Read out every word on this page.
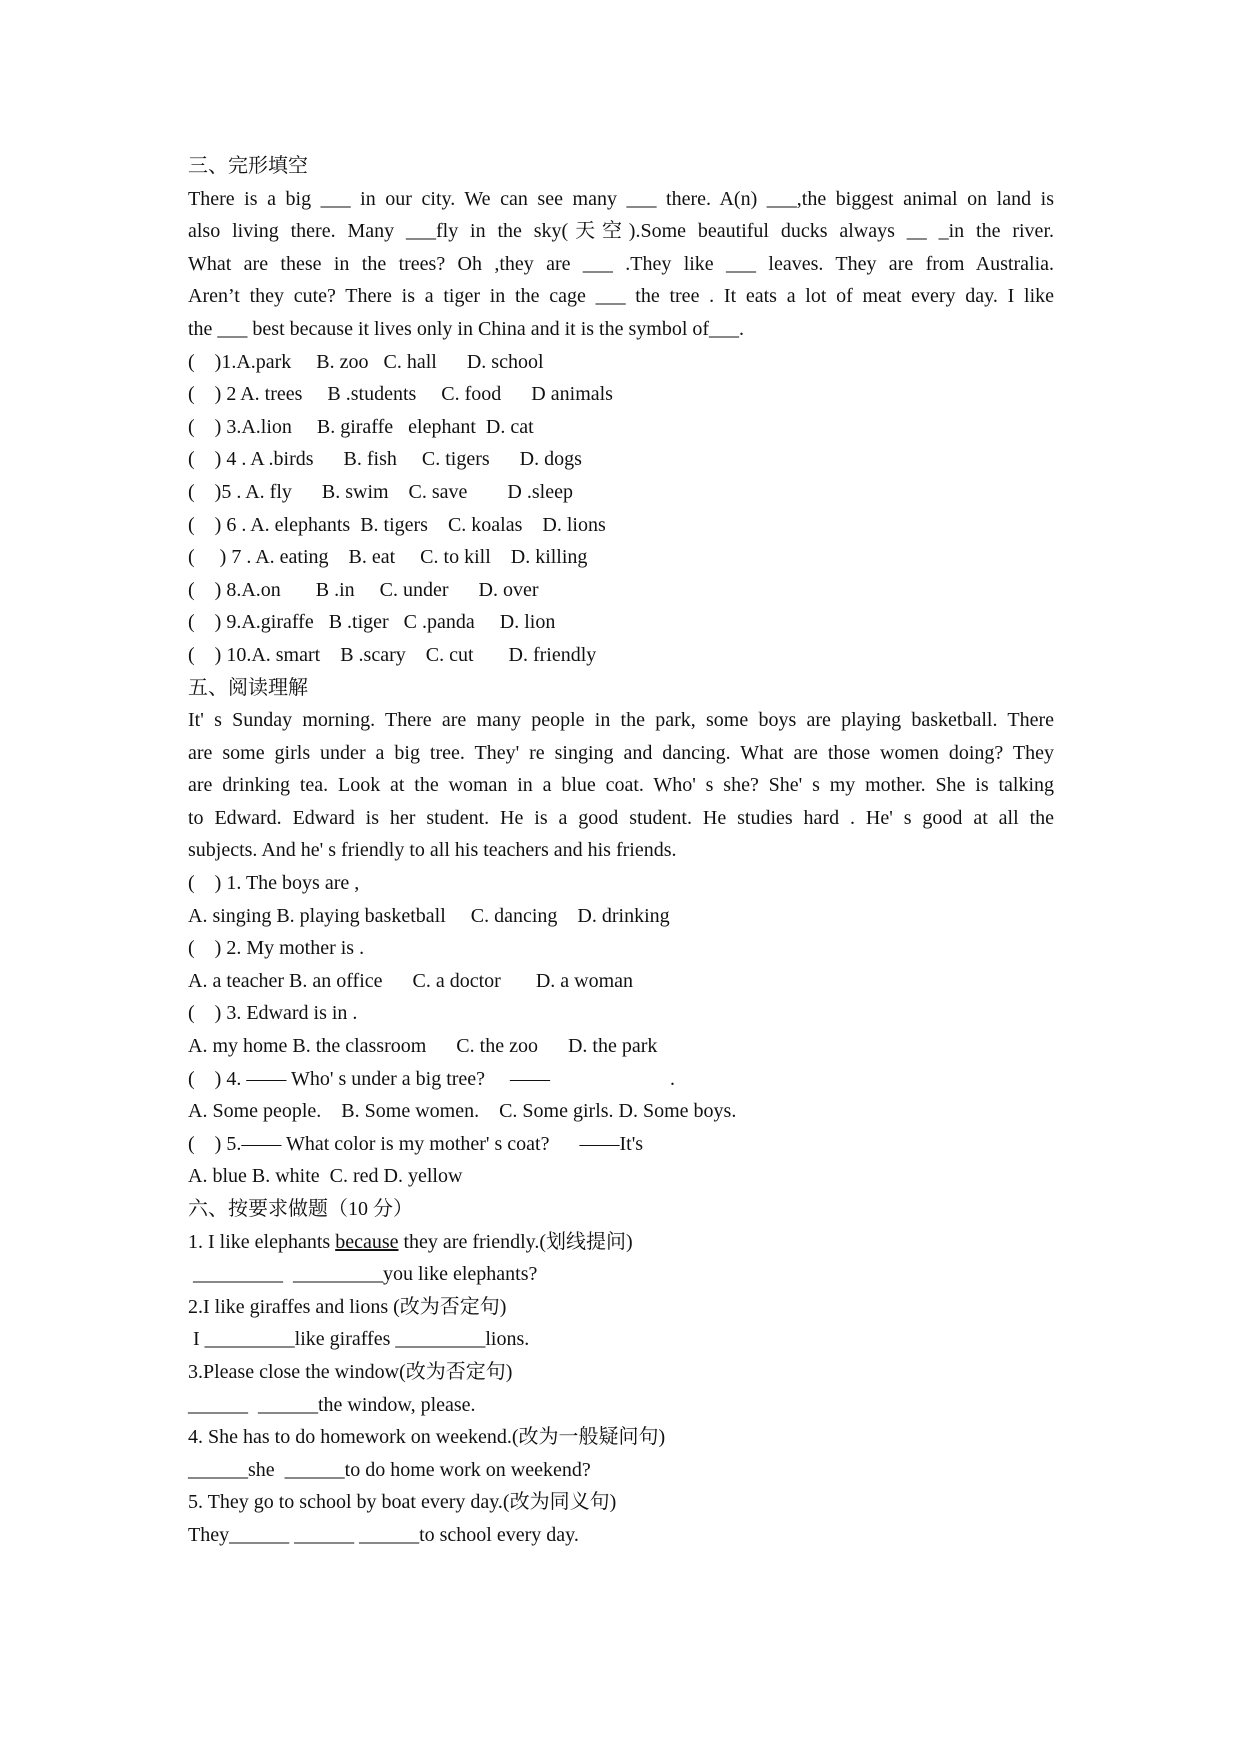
三、完形填空
There is a big ___ in our city. We can see many ___ there. A(n) ___,the biggest animal on land is
also living there. Many ___fly in the sky(天空).Some beautiful ducks always __ _in the river.
What are these in the trees? Oh ,they are ___ .They like ___ leaves. They are from Australia.
Aren’t they cute? There is a tiger in the cage ___ the tree . It eats a lot of meat every day. I like
the ___ best because it lives only in China and it is the symbol of___.
(    )1.A.park     B. zoo   C. hall      D. school
(    ) 2 A. trees     B .students     C. food      D animals
(    ) 3.A.lion     B. giraffe   elephant  D. cat
(    ) 4 . A .birds      B. fish     C. tigers      D. dogs
(    )5 . A. fly      B. swim    C. save        D .sleep
(    ) 6 . A. elephants  B. tigers    C. koalas    D. lions
(     ) 7 . A. eating    B. eat     C. to kill    D. killing
(    ) 8.A.on       B .in     C. under      D. over
(    ) 9.A.giraffe   B .tiger   C .panda     D. lion
(    ) 10.A. smart    B .scary    C. cut       D. friendly
五、阅读理解
It' s Sunday morning. There are many people in the park, some boys are playing basketball. There
are some girls under a big tree. They' re singing and dancing. What are those women doing? They
are drinking tea. Look at the woman in a blue coat. Who' s she? She' s my mother. She is talking
to Edward. Edward is her student. He is a good student. He studies hard . He' s good at all the
subjects. And he' s friendly to all his teachers and his friends.
(    ) 1. The boys are ,
A. singing B. playing basketball     C. dancing    D. drinking
(    ) 2. My mother is .
A. a teacher B. an office      C. a doctor       D. a woman
(    ) 3. Edward is in .
A. my home B. the classroom      C. the zoo      D. the park
(    ) 4. —— Who' s under a big tree?     ——                        .
A. Some people.    B. Some women.    C. Some girls. D. Some boys.
(    ) 5.—— What color is my mother' s coat?      ——It's
A. blue B. white  C. red D. yellow
六、按要求做题（10 分）
1. I like elephants because they are friendly.(划线提问)
_________  _________you like elephants?
2.I like giraffes and lions (改为否定句)
I _________like giraffes _________lions.
3.Please close the window(改为否定句)
______  ______the window, please.
4. She has to do homework on weekend.(改为一般疑问句)
______she  ______to do home work on weekend?
5. They go to school by boat every day.(改为同义句)
They______ ______ ______to school every day.
